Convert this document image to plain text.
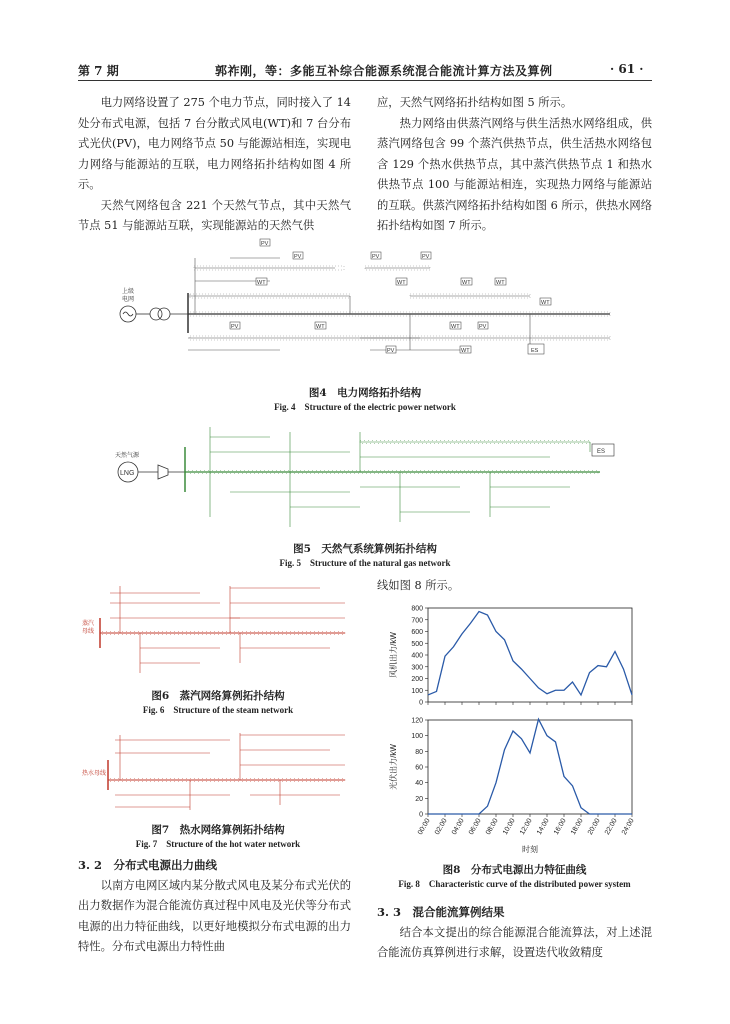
第 7 期	郭祚刚，等：多能互补综合能源系统混合能流计算方法及算例	· 61 ·

电力网络设置了 275 个电力节点，同时接入了 14 处分布式电源，包括 7 台分散式风电(WT)和 7 台分布式光伏(PV)，电力网络节点 50 与能源站相连，实现电力网络与能源站的互联，电力网络拓扑结构如图 4 所示。

天然气网络包含 221 个天然气节点，其中天然气节点 51 与能源站互联，实现能源站的天然气供

应，天然气网络拓扑结构如图 5 所示。

热力网络由供蒸汽网络与供生活热水网络组成，供蒸汽网络包含 99 个蒸汽供热节点，供生活热水网络包含 129 个热水供热节点，其中蒸汽供热节点 1 和热水供热节点 100 与能源站相连，实现热力网络与能源站的互联。供蒸汽网络拓扑结构如图 6 所示，供热水网络拓扑结构如图 7 所示。

上级
电网
PV
PV	PV	PV
WT	WT	WT	WT
WT
PV	WT	WT	PV
PV	WT	ES
图4　电力网络拓扑结构
Fig. 4　Structure of the electric power network
天然气源
LNG
ES
图5　天然气系统算例拓扑结构
Fig. 5　Structure of the natural gas network
蒸汽
母线
图6　蒸汽网络算例拓扑结构
Fig. 6　Structure of the steam network
热水母线
图7　热水网络算例拓扑结构
Fig. 7　Structure of the hot water network

3. 2　分布式电源出力曲线

以南方电网区域内某分散式风电及某分布式光伏的出力数据作为混合能流仿真过程中风电及光伏等分布式电源的出力特征曲线，以更好地模拟分布式电源的出力特性。分布式电源出力特性曲

线如图 8 所示。

0
100
200
300
400
500
600
700
800
风机出力/kW
0
20
40
60
80
100
120
光伏出力/kW
00:00 02:00 04:00 06:00 08:00 10:00 12:00 14:00 16:00 18:00 20:00 22:00 24:00
时刻
图8　分布式电源出力特征曲线
Fig. 8　Characteristic curve of the distributed power system

3. 3　混合能流算例结果

结合本文提出的综合能源混合能流算法，对上述混合能流仿真算例进行求解，设置迭代收敛精度
